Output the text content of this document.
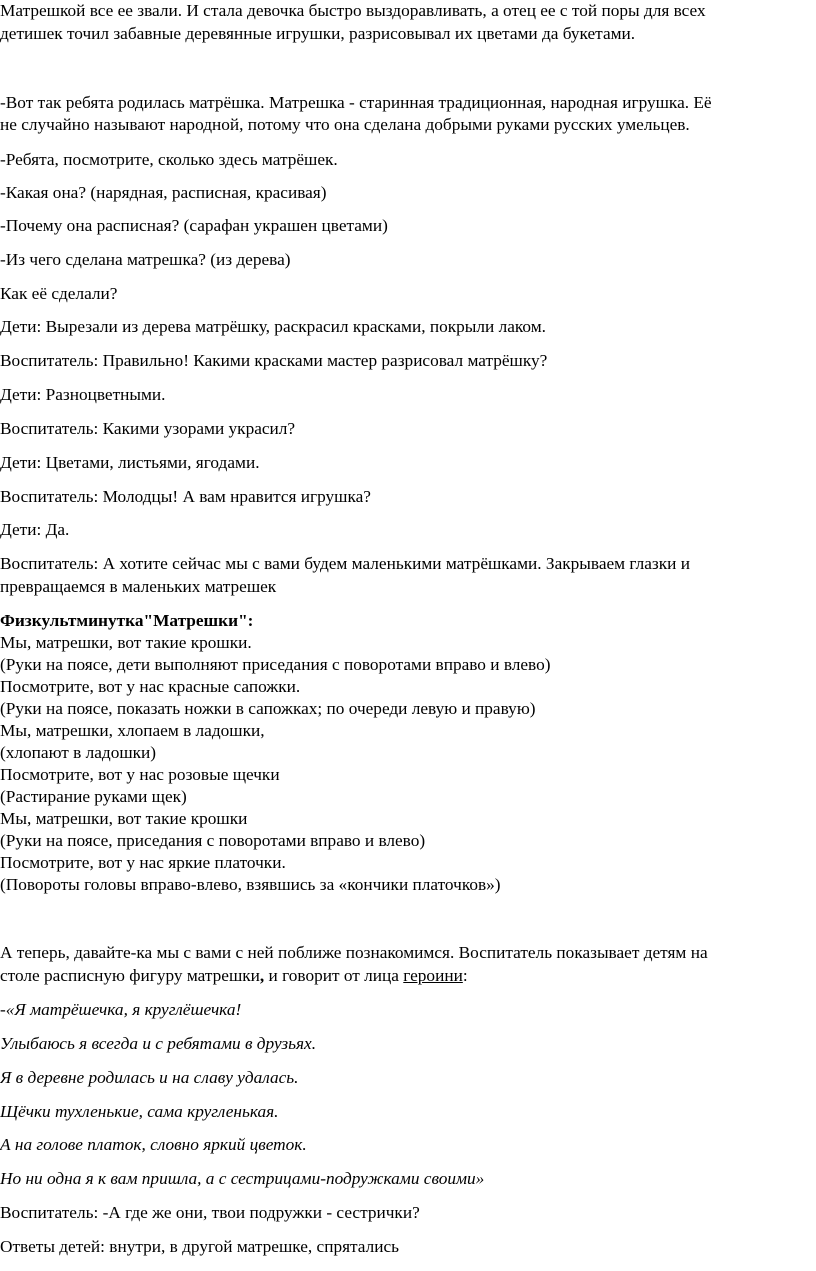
Матрешкой все ее звали. И стала девочка быстро выздоравливать, а отец ее с той поры для всех
детишек точил забавные деревянные игрушки, разрисовывал их цветами да букетами.
-Вот так ребята родилась матрёшка. Матрешка - старинная традиционная, народная игрушка. Её
не случайно называют народной, потому что она сделана добрыми руками русских умельцев.
-Ребята, посмотрите, сколько здесь матрёшек.
-Какая она? (нарядная, расписная, красивая)
-Почему она расписная? (сарафан украшен цветами)
-Из чего сделана матрешка? (из дерева)
Как её сделали?
Дети: Вырезали из дерева матрёшку, раскрасил красками, покрыли лаком.
Воспитатель: Правильно! Какими красками мастер разрисовал матрёшку?
Дети: Разноцветными.
Воспитатель: Какими узорами украсил?
Дети: Цветами, листьями, ягодами.
Воспитатель: Молодцы! А вам нравится игрушка?
Дети: Да.
Воспитатель: А хотите сейчас мы с вами будем маленькими матрёшками. Закрываем глазки и
превращаемся в маленьких матрешек
Физкультминутка"Матрешки":
Мы, матрешки, вот такие крошки.
(Руки на поясе, дети выполняют приседания с поворотами вправо и влево)
Посмотрите, вот у нас красные сапожки.
(Руки на поясе, показать ножки в сапожках; по очереди левую и правую)
Мы, матрешки, хлопаем в ладошки,
(хлопают в ладошки)
Посмотрите, вот у нас розовые щечки
(Растирание руками щек)
Мы, матрешки, вот такие крошки
(Руки на поясе, приседания с поворотами вправо и влево)
Посмотрите, вот у нас яркие платочки.
(Повороты головы вправо-влево, взявшись за «кончики платочков»)
А теперь, давайте-ка мы с вами с ней поближе познакомимся. Воспитатель показывает детям на
столе расписную фигуру матрешки, и говорит от лица героини:
-«Я матрёшечка, я круглёшечка!
Улыбаюсь я всегда и с ребятами в друзьях.
Я в деревне родилась и на славу удалась.
Щёчки тухленькие, сама кругленькая.
А на голове платок, словно яркий цветок.
Но ни одна я к вам пришла, а с сестрицами-подружками своими»
Воспитатель: -А где же они, твои подружки - сестрички?
Ответы детей: внутри, в другой матрешке, спрятались
